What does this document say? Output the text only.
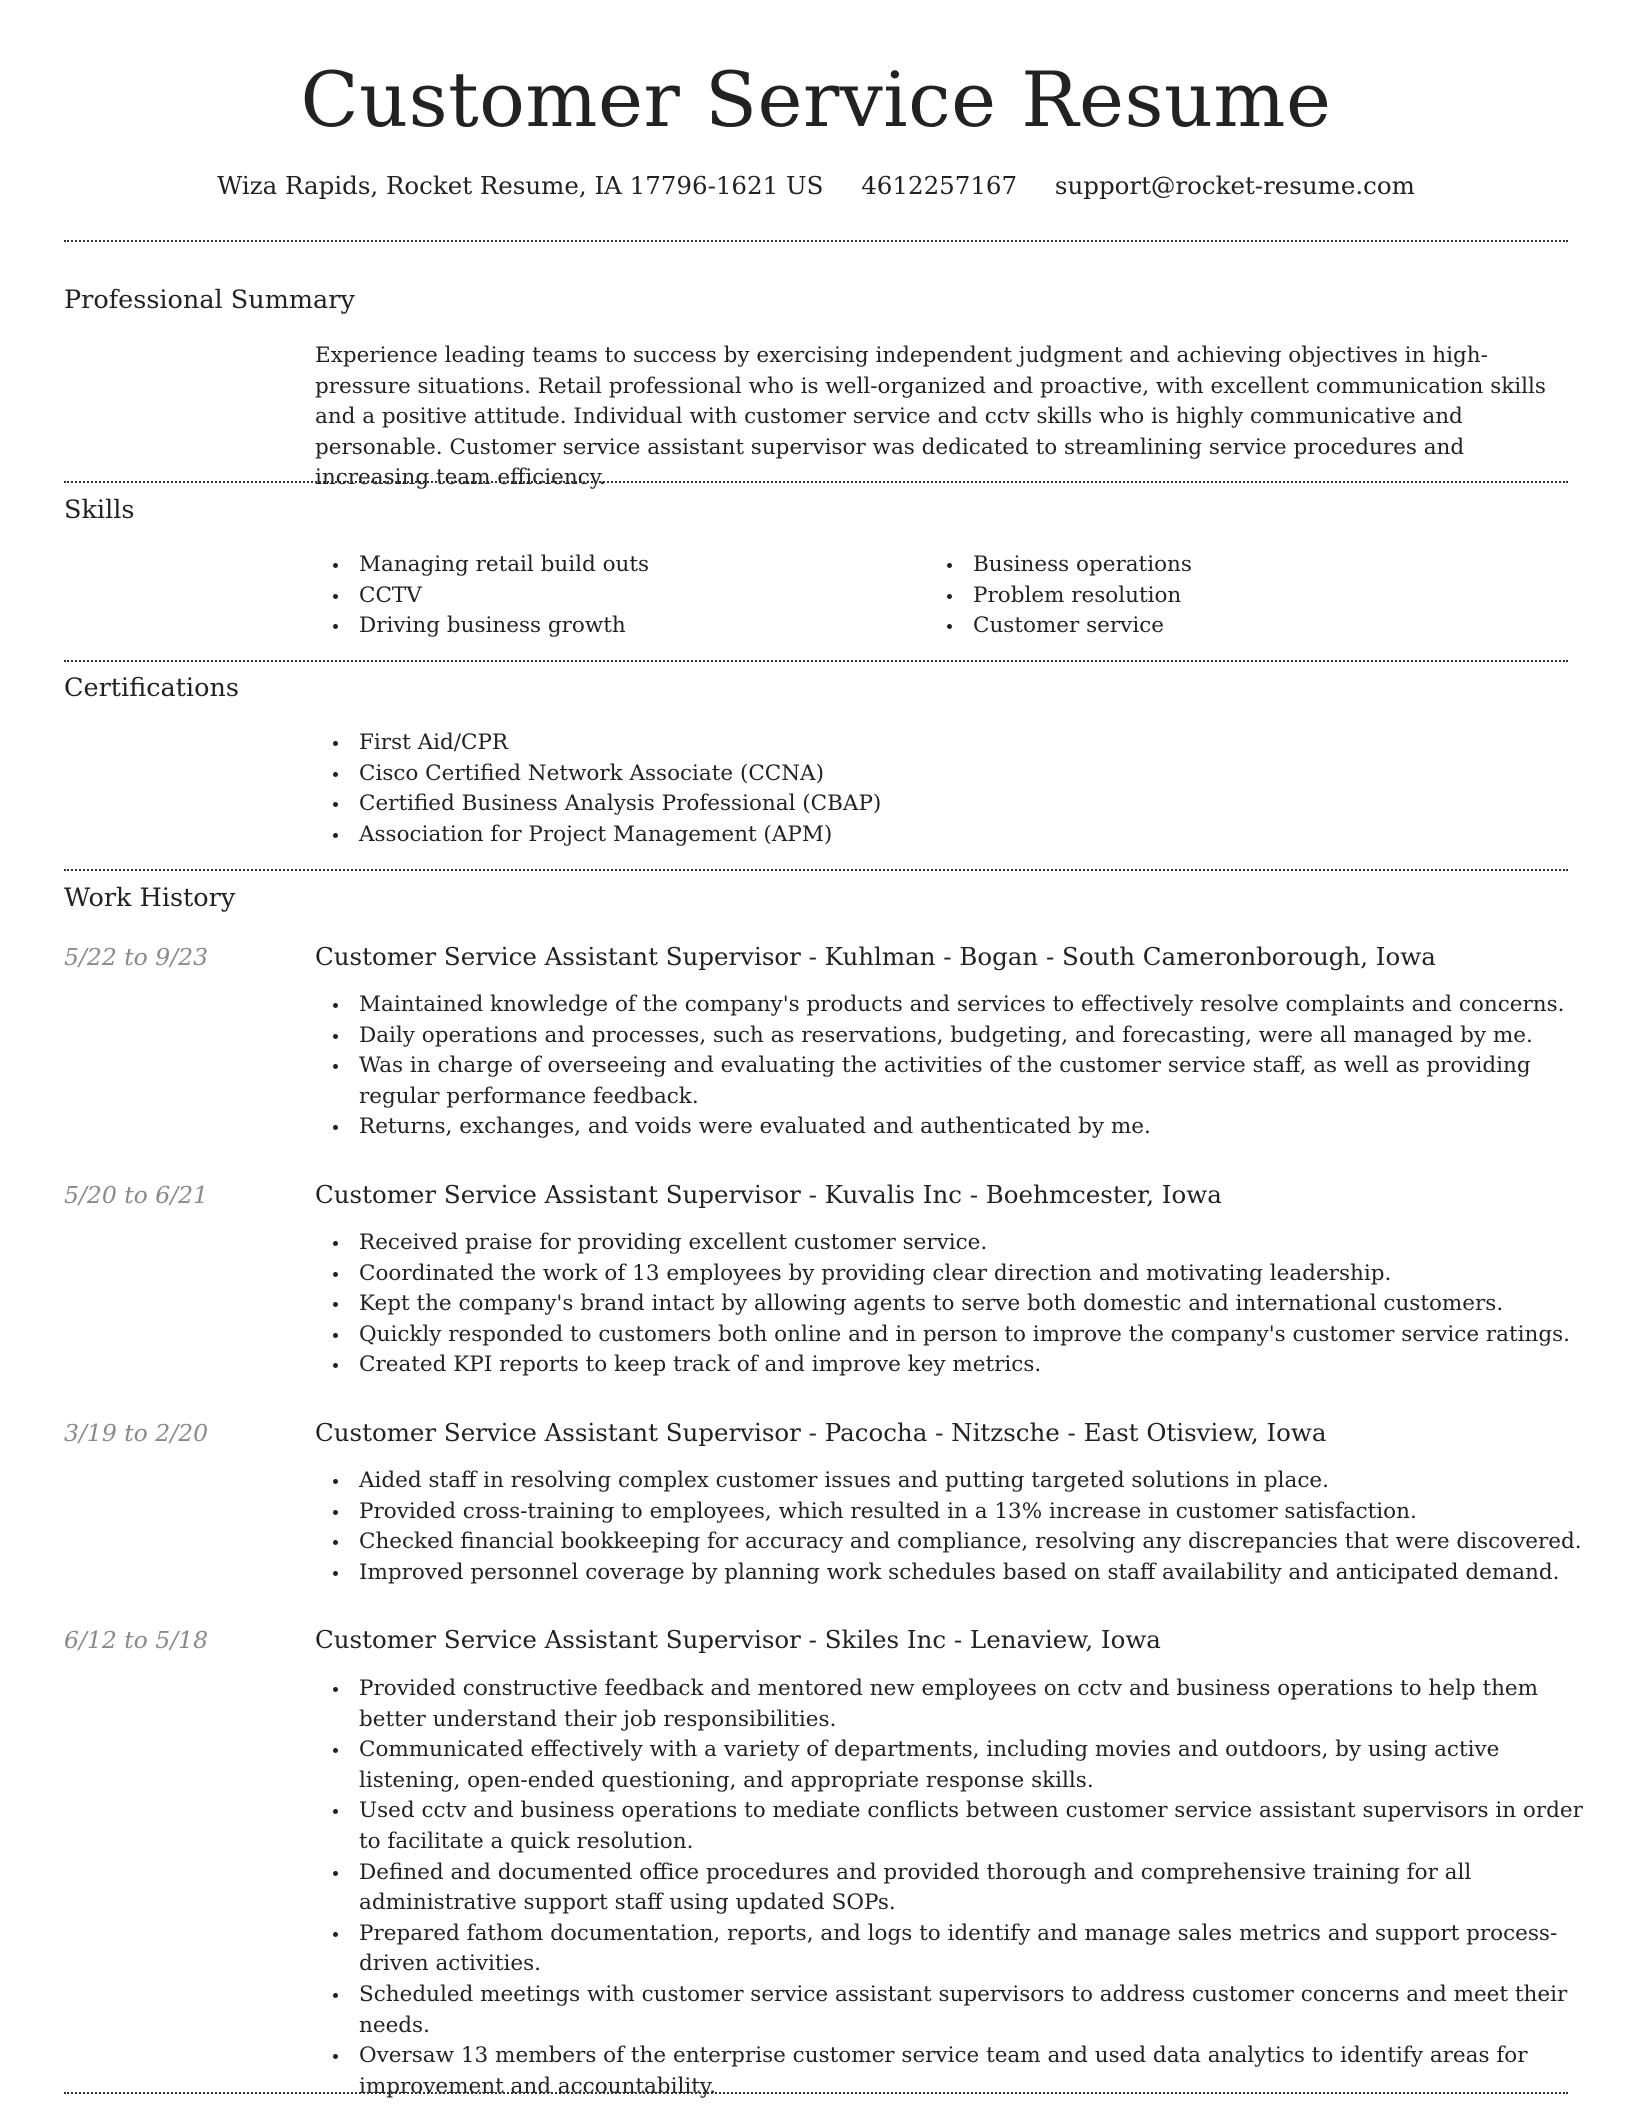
Customer Service Resume
Wiza Rapids, Rocket Resume, IA 17796-1621 US 4612257167 support@rocket-resume.com
Professional Summary

Experience leading teams to success by exercising independent judgment and achieving objectives in high-pressure situations. Retail professional who is well-organized and proactive, with excellent communication skills and a positive attitude. Individual with customer service and cctv skills who is highly communicative and personable. Customer service assistant supervisor was dedicated to streamlining service procedures and increasing team efficiency.

Skills
Managing retail build outs
CCTV
Driving business growth
Business operations
Problem resolution
Customer service
Certifications
First Aid/CPR
Cisco Certified Network Associate (CCNA)
Certified Business Analysis Professional (CBAP)
Association for Project Management (APM)
Work History
5/22 to 9/23	Customer Service Assistant Supervisor - Kuhlman - Bogan - South Cameronborough, Iowa
Maintained knowledge of the company's products and services to effectively resolve complaints and concerns.
Daily operations and processes, such as reservations, budgeting, and forecasting, were all managed by me.
Was in charge of overseeing and evaluating the activities of the customer service staff, as well as providing regular performance feedback.
Returns, exchanges, and voids were evaluated and authenticated by me.
5/20 to 6/21	Customer Service Assistant Supervisor - Kuvalis Inc - Boehmcester, Iowa
Received praise for providing excellent customer service.
Coordinated the work of 13 employees by providing clear direction and motivating leadership.
Kept the company's brand intact by allowing agents to serve both domestic and international customers.
Quickly responded to customers both online and in person to improve the company's customer service ratings.
Created KPI reports to keep track of and improve key metrics.
3/19 to 2/20	Customer Service Assistant Supervisor - Pacocha - Nitzsche - East Otisview, Iowa
Aided staff in resolving complex customer issues and putting targeted solutions in place.
Provided cross-training to employees, which resulted in a 13% increase in customer satisfaction.
Checked financial bookkeeping for accuracy and compliance, resolving any discrepancies that were discovered.
Improved personnel coverage by planning work schedules based on staff availability and anticipated demand.
6/12 to 5/18	Customer Service Assistant Supervisor - Skiles Inc - Lenaview, Iowa
Provided constructive feedback and mentored new employees on cctv and business operations to help them better understand their job responsibilities.
Communicated effectively with a variety of departments, including movies and outdoors, by using active listening, open-ended questioning, and appropriate response skills.
Used cctv and business operations to mediate conflicts between customer service assistant supervisors in order to facilitate a quick resolution.
Defined and documented office procedures and provided thorough and comprehensive training for all administrative support staff using updated SOPs.
Prepared fathom documentation, reports, and logs to identify and manage sales metrics and support process-driven activities.
Scheduled meetings with customer service assistant supervisors to address customer concerns and meet their needs.
Oversaw 13 members of the enterprise customer service team and used data analytics to identify areas for improvement and accountability.
